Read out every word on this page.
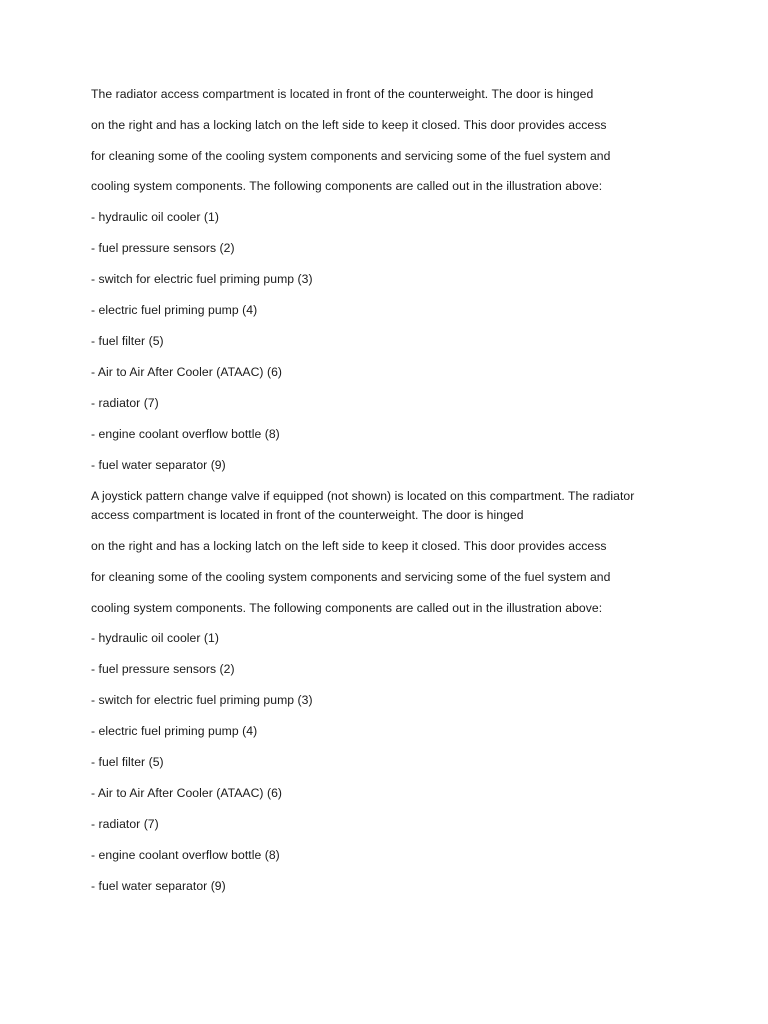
The radiator access compartment is located in front of the counterweight. The door is hinged
on the right and has a locking latch on the left side to keep it closed. This door provides access
for cleaning some of the cooling system components and servicing some of the fuel system and
cooling system components. The following components are called out in the illustration above:
- hydraulic oil cooler (1)
- fuel pressure sensors (2)
- switch for electric fuel priming pump (3)
- electric fuel priming pump (4)
- fuel filter (5)
- Air to Air After Cooler (ATAAC) (6)
- radiator (7)
- engine coolant overflow bottle (8)
- fuel water separator (9)
A joystick pattern change valve if equipped (not shown) is located on this compartment. The radiator access compartment is located in front of the counterweight. The door is hinged
on the right and has a locking latch on the left side to keep it closed. This door provides access
for cleaning some of the cooling system components and servicing some of the fuel system and
cooling system components. The following components are called out in the illustration above:
- hydraulic oil cooler (1)
- fuel pressure sensors (2)
- switch for electric fuel priming pump (3)
- electric fuel priming pump (4)
- fuel filter (5)
- Air to Air After Cooler (ATAAC) (6)
- radiator (7)
- engine coolant overflow bottle (8)
- fuel water separator (9)
